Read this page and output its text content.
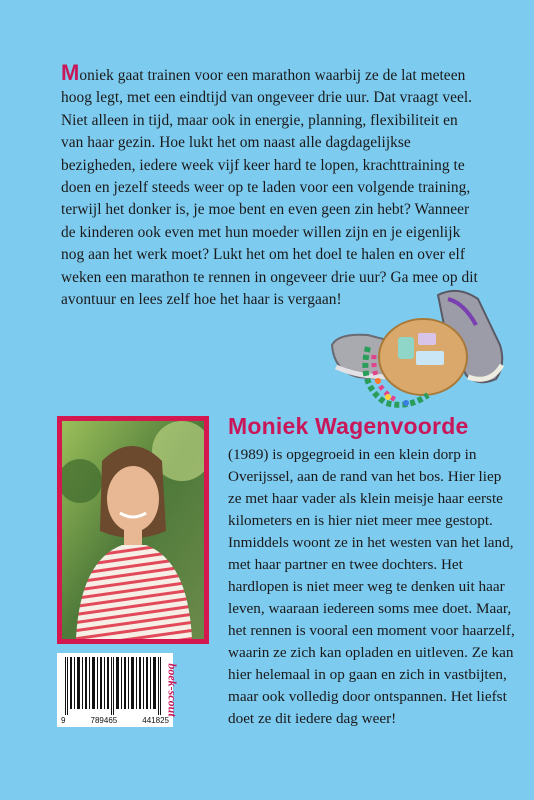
Moniek gaat trainen voor een marathon waarbij ze de lat meteen hoog legt, met een eindtijd van ongeveer drie uur. Dat vraagt veel. Niet alleen in tijd, maar ook in energie, planning, flexibiliteit en van haar gezin. Hoe lukt het om naast alle dagdagelijkse bezigheden, iedere week vijf keer hard te lopen, krachttraining te doen en jezelf steeds weer op te laden voor een volgende training, terwijl het donker is, je moe bent en even geen zin hebt? Wanneer de kinderen ook even met hun moeder willen zijn en je eigenlijk nog aan het werk moet? Lukt het om het doel te halen en over elf weken een marathon te rennen in ongeveer drie uur? Ga mee op dit avontuur en lees zelf hoe het haar is vergaan!

Moniek Wagenvoorde

(1989) is opgegroeid in een klein dorp in Overijssel, aan de rand van het bos. Hier liep ze met haar vader als klein meisje haar eerste kilometers en is hier niet meer mee gestopt. Inmiddels woont ze in het westen van het land, met haar partner en twee dochters. Het hardlopen is niet meer weg te denken uit haar leven, waaraan iedereen soms mee doet. Maar, het rennen is vooral een moment voor haarzelf, waarin ze zich kan opladen en uitleven. Ze kan hier helemaal in op gaan en zich in vastbijten, maar ook volledig door ontspannen. Het liefst doet ze dit iedere dag weer!

9	789465	441825
boek-scout
